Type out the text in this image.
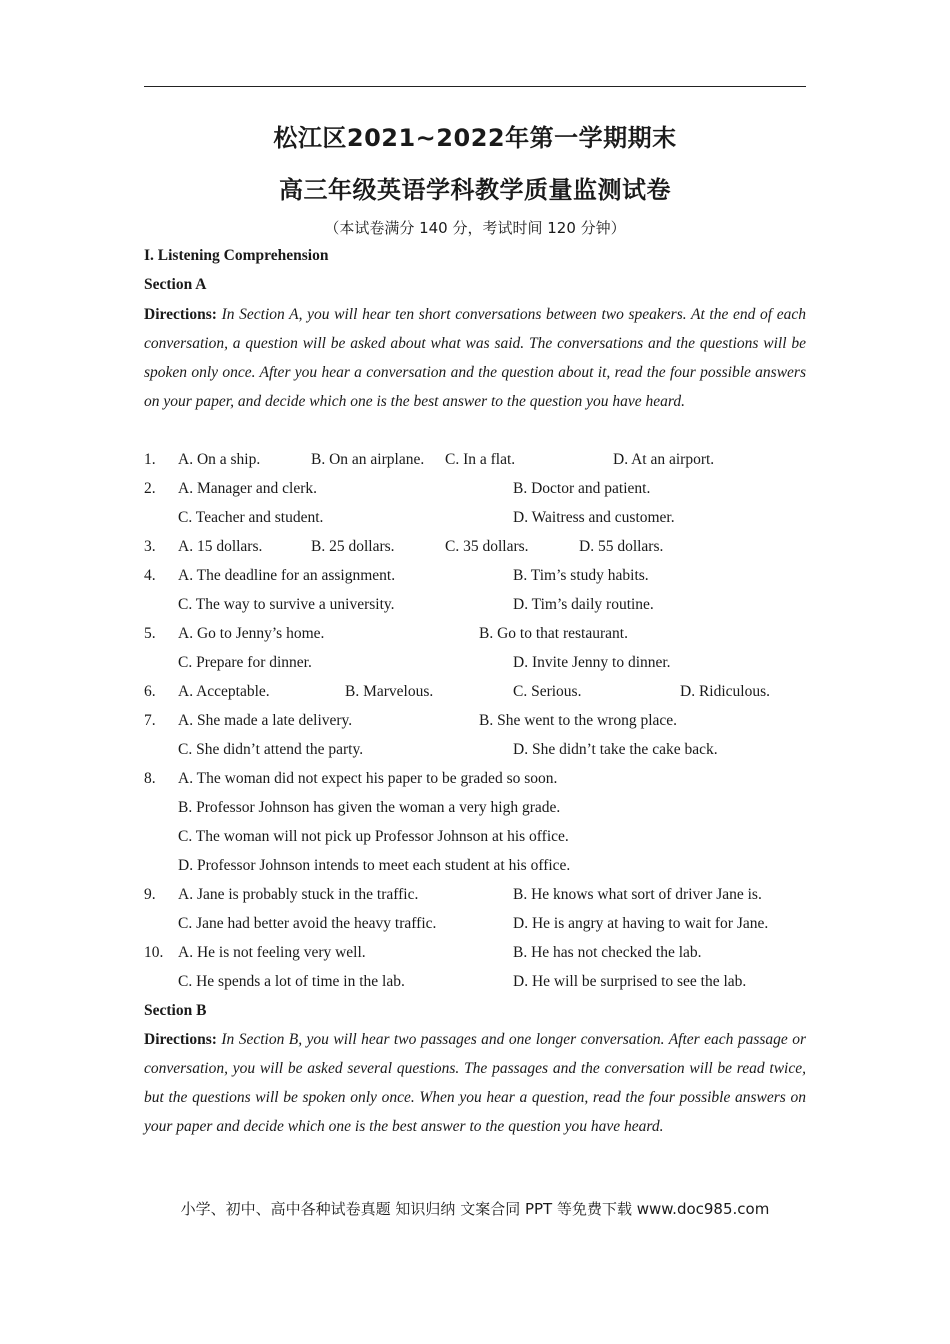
松江区2021~2022年第一学期期末
高三年级英语学科教学质量监测试卷
（本试卷满分 140 分，考试时间 120 分钟）
I. Listening Comprehension
Section A
Directions: In Section A, you will hear ten short conversations between two speakers. At the end of each conversation, a question will be asked about what was said. The conversations and the questions will be spoken only once. After you hear a conversation and the question about it, read the four possible answers on your paper, and decide which one is the best answer to the question you have heard.
1. A. On a ship.	B. On an airplane. C. In a flat.	D. At an airport.
2. A. Manager and clerk.	B. Doctor and patient.
C. Teacher and student.	D. Waitress and customer.
3. A. 15 dollars.	B. 25 dollars.	C. 35 dollars.	D. 55 dollars.
4. A. The deadline for an assignment.	B. Tim’s study habits.
C. The way to survive a university.	D. Tim’s daily routine.
5. A. Go to Jenny’s home.	B. Go to that restaurant.
C. Prepare for dinner.	D. Invite Jenny to dinner.
6. A. Acceptable.	B. Marvelous.	C. Serious.	D. Ridiculous.
7. A. She made a late delivery.	B. She went to the wrong place.
C. She didn’t attend the party.	D. She didn’t take the cake back.
8. A. The woman did not expect his paper to be graded so soon.
B. Professor Johnson has given the woman a very high grade.
C. The woman will not pick up Professor Johnson at his office.
D. Professor Johnson intends to meet each student at his office.
9. A. Jane is probably stuck in the traffic.	B. He knows what sort of driver Jane is.
C. Jane had better avoid the heavy traffic.	D. He is angry at having to wait for Jane.
10. A. He is not feeling very well.	B. He has not checked the lab.
C. He spends a lot of time in the lab.	D. He will be surprised to see the lab.
Section B
Directions: In Section B, you will hear two passages and one longer conversation. After each passage or conversation, you will be asked several questions. The passages and the conversation will be read twice, but the questions will be spoken only once. When you hear a question, read the four possible answers on your paper and decide which one is the best answer to the question you have heard.
小学、初中、高中各种试卷真题 知识归纳 文案合同 PPT 等免费下载 www.doc985.com
